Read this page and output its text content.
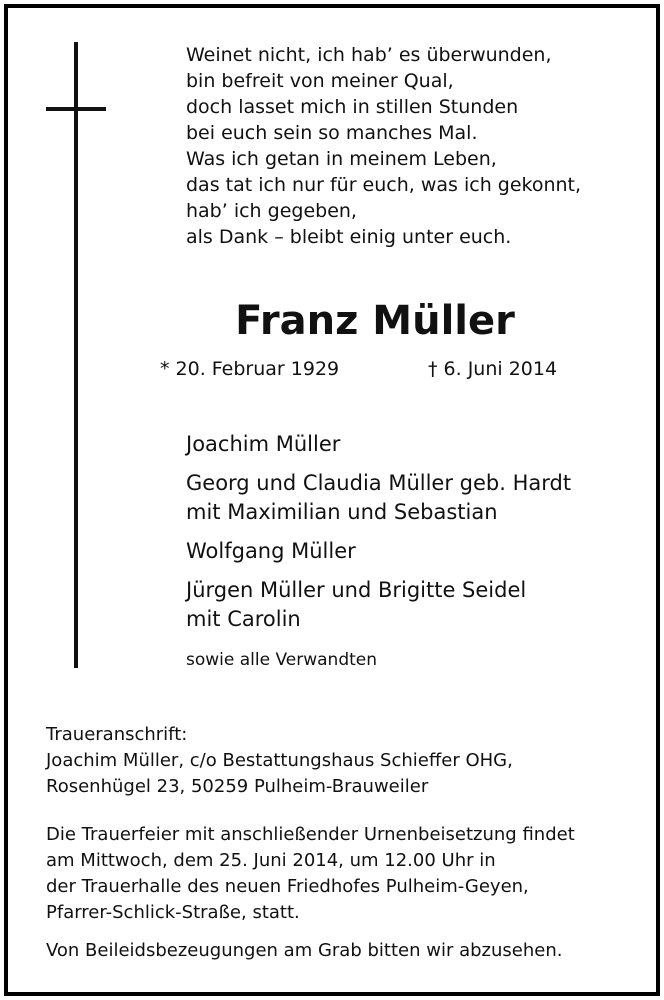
Weinet nicht, ich hab’ es überwunden,
bin befreit von meiner Qual,
doch lasset mich in stillen Stunden
bei euch sein so manches Mal.
Was ich getan in meinem Leben,
das tat ich nur für euch, was ich gekonnt,
hab’ ich gegeben,
als Dank – bleibt einig unter euch.
Franz Müller
* 20. Februar 1929	† 6. Juni 2014
Joachim Müller
Georg und Claudia Müller geb. Hardt
mit Maximilian und Sebastian
Wolfgang Müller
Jürgen Müller und Brigitte Seidel
mit Carolin
sowie alle Verwandten
Traueranschrift:
Joachim Müller, c/o Bestattungshaus Schieffer OHG,
Rosenhügel 23, 50259 Pulheim-Brauweiler
Die Trauerfeier mit anschließender Urnenbeisetzung findet
am Mittwoch, dem 25. Juni 2014, um 12.00 Uhr in
der Trauerhalle des neuen Friedhofes Pulheim-Geyen,
Pfarrer-Schlick-Straße, statt.
Von Beileidsbezeugungen am Grab bitten wir abzusehen.
